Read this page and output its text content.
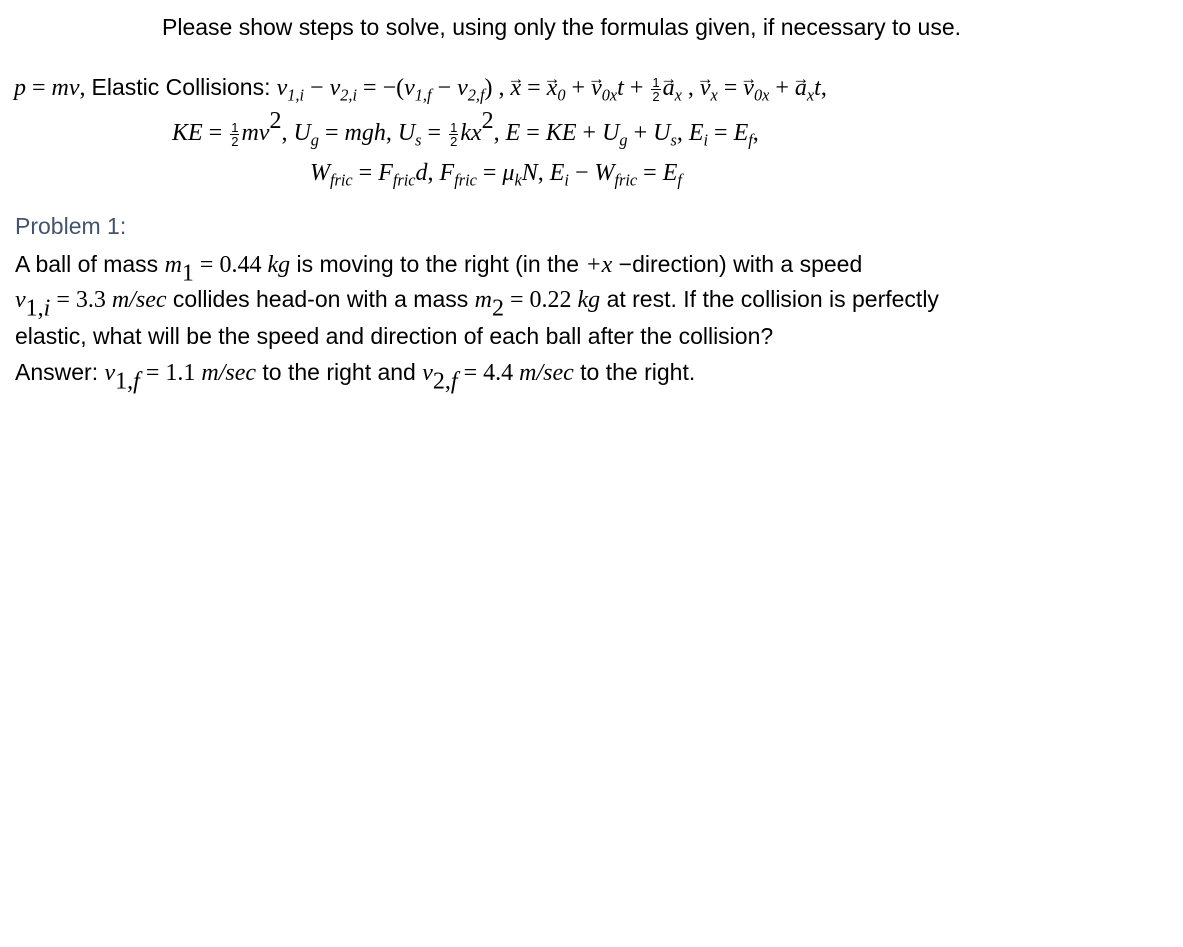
Please show steps to solve, using only the formulas given, if necessary to use.
p = mv, Elastic Collisions: $v_{1,i} - v_{2,i} = -(v_{1,f} - v_{2,f})$ , → x = → $x_0$ + → $v_{0x}t + \frac{1}{2}$
→ $a_x$ , → $v_x$ = → $v_{0x}$ + → $a_xt$,
KE = $\frac{1}{2} mv^2$, $U_g$ = mgh, $U_s = \frac{1}{2} kx^2$, E = KE + $U_g + U_s$, $E_i = E_f$,
$W_{fric} = F_{fric}d$, $F_{fric} = \mu_kN$, $E_i - W_{fric} = E_f$
Problem 1:
A ball of mass $m_1 = 0.44$ kg is moving to the right (in the +x −direction) with a speed
$v_{1,i} = 3.3$ m/sec collides head-on with a mass $m_2 = 0.22$ kg at rest. If the collision is perfectly
elastic, what will be the speed and direction of each ball after the collision?
Answer: $v_{1,f} = 1.1$ m/sec to the right and $v_{2,f} = 4.4$ m/sec to the right.
